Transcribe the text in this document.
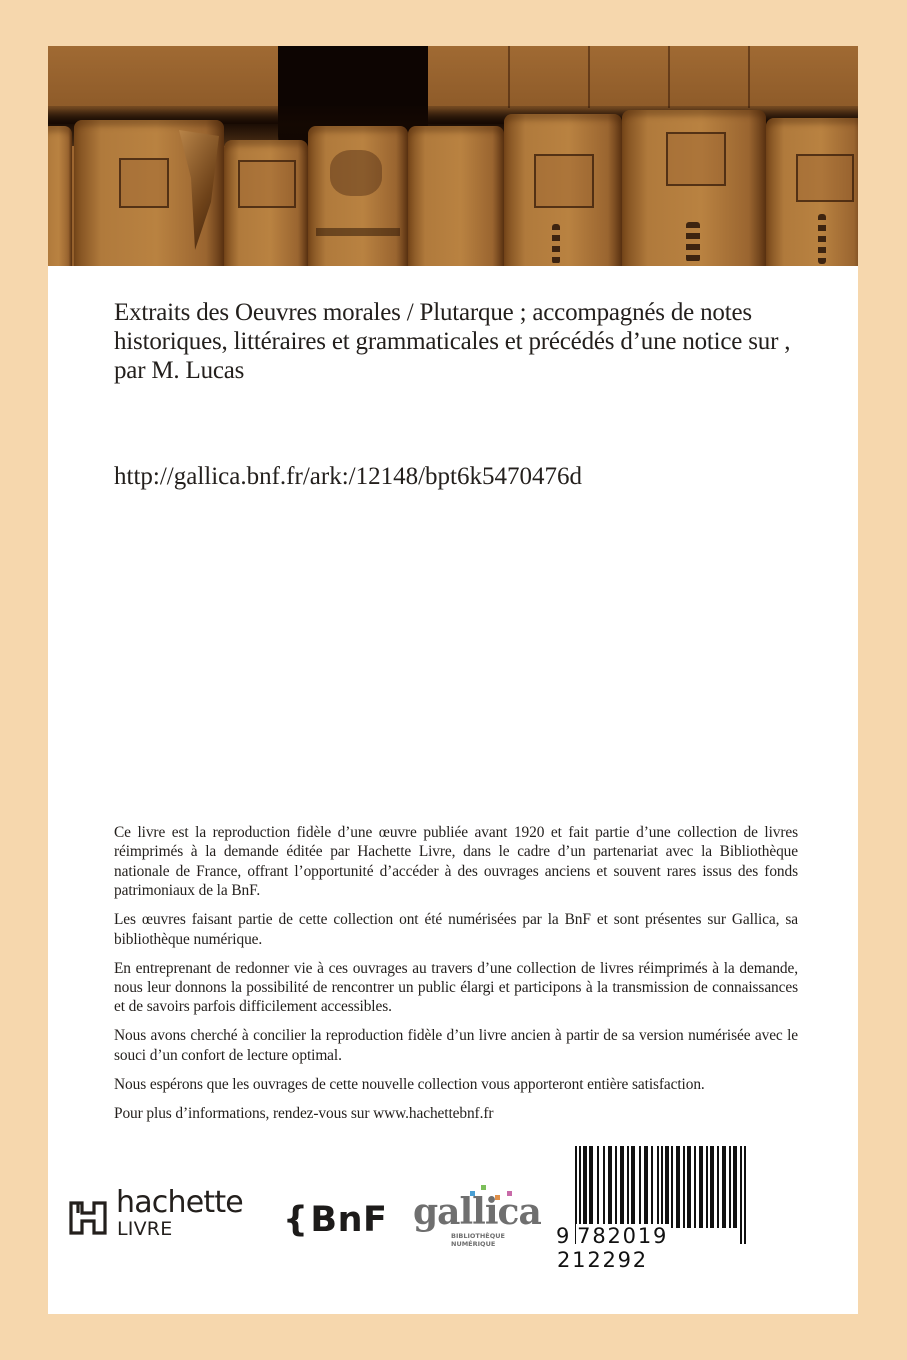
Extraits des Oeuvres morales / Plutarque ; accompagnés de notes historiques, littéraires et grammaticales et précédés d’une notice sur , par M. Lucas
http://gallica.bnf.fr/ark:/12148/bpt6k5470476d

Ce livre est la reproduction fidèle d’une œuvre publiée avant 1920 et fait partie d’une collection de livres réimprimés à la demande éditée par Hachette Livre, dans le cadre d’un partenariat avec la Bibliothèque nationale de France, offrant l’opportunité d’accéder à des ouvrages anciens et souvent rares issus des fonds patrimoniaux de la BnF.

Les œuvres faisant partie de cette collection ont été numérisées par la BnF et sont présentes sur Gallica, sa bibliothèque numérique.

En entreprenant de redonner vie à ces ouvrages au travers d’une collection de livres réimprimés à la demande, nous leur donnons la possibilité de rencontrer un public élargi et participons à la transmission de connaissances et de savoirs parfois difficilement accessibles.

Nous avons cherché à concilier la reproduction fidèle d’un livre ancien à partir de sa version numérisée avec le souci d’un confort de lecture optimal.

Nous espérons que les ouvrages de cette nouvelle collection vous apporteront entière satisfaction.

Pour plus d’informations, rendez-vous sur www.hachettebnf.fr

hachette
LIVRE	{BnF gallica
BIBLIOTHÈQUE
NUMÉRIQUE	9 782019212292
